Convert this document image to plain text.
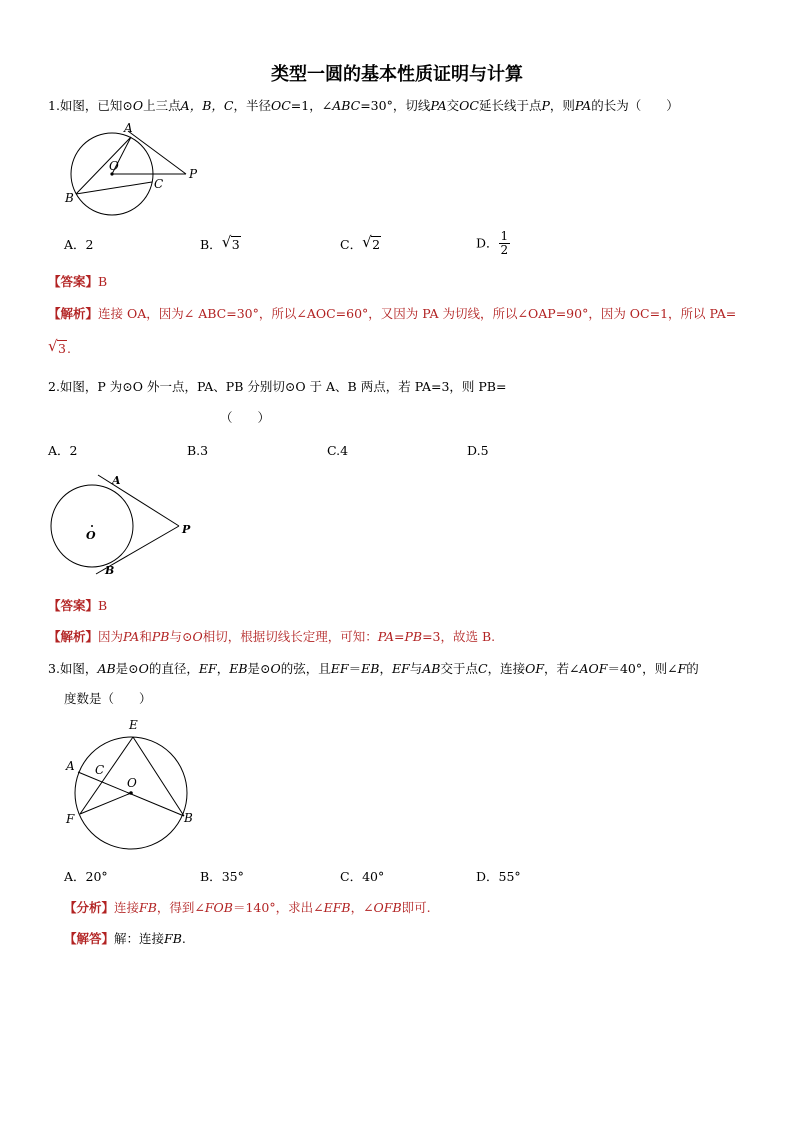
类型一圆的基本性质证明与计算
1.如图，已知⊙O上三点A，B，C，半径OC=1，∠ABC=30°，切线PA交OC延长线于点P，则PA的长为（　　）
A
B
C
O
P
A．2	B． √ 3	C． √ 2	D． $\frac{1}{2}$
【答案】B
【解析】连接 OA，因为∠ ABC=30°，所以∠AOC=60°，又因为 PA 为切线，所以∠OAP=90°，因为 OC=1，所以 PA=
√ 3.
2.如图，P 为⊙O 外一点，PA、PB 分别切⊙O 于 A、B 两点，若 PA=3，则 PB=
（　　）
A．2	B.3	C.4	D.5
A
B
O	P
【答案】B
【解析】因为PA和PB与⊙O相切，根据切线长定理，可知：PA=PB=3，故选 B.
3.如图，AB是⊙O的直径，EF，EB是⊙O的弦，且EF＝EB，EF与AB交于点C，连接OF，若∠AOF＝40°，则∠F的
度数是（　　）
E
A C
O
F	B
A．20°	B．35°	C．40°	D．55°
【分析】连接FB，得到∠FOB＝140°，求出∠EFB，∠OFB即可.
【解答】解：连接FB.
